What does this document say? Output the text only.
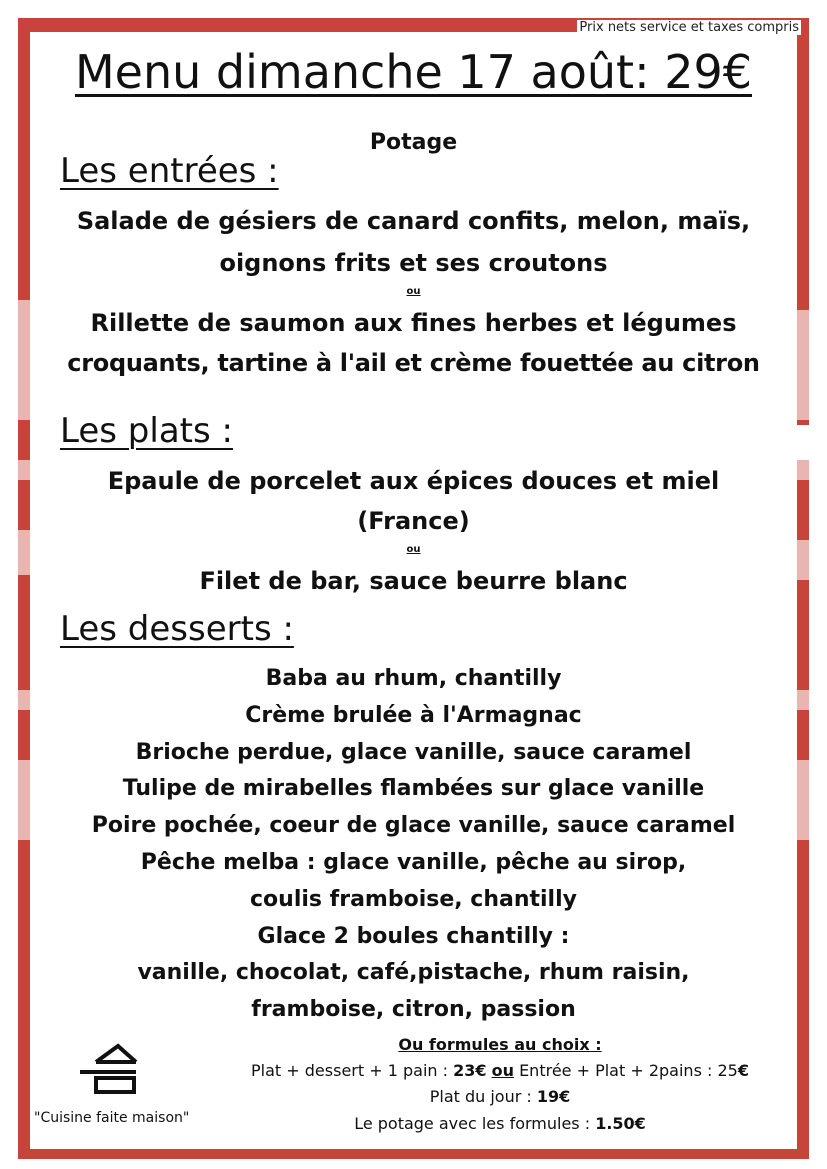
Prix nets service et taxes compris
Menu dimanche 17 août: 29€
Potage
Les entrées :
Salade de gésiers de canard confits, melon, maïs,
oignons frits et ses croutons
ou
Rillette de saumon aux fines herbes et légumes
croquants, tartine à l'ail et crème fouettée au citron
Les plats :
Epaule de porcelet aux épices douces et miel
(France)
ou
Filet de bar, sauce beurre blanc
Les desserts :
Baba au rhum, chantilly
Crème brulée à l'Armagnac
Brioche perdue, glace vanille, sauce caramel
Tulipe de mirabelles flambées sur glace vanille
Poire pochée, coeur de glace vanille, sauce caramel
Pêche melba : glace vanille, pêche au sirop,
coulis framboise, chantilly
Glace 2 boules chantilly :
vanille, chocolat, café,pistache, rhum raisin,
framboise, citron, passion
Ou formules au choix :
Plat + dessert + 1 pain : 23€ ou Entrée + Plat + 2pains : 25€
Plat du jour : 19€
Le potage avec les formules : 1.50€
"Cuisine faite maison"
